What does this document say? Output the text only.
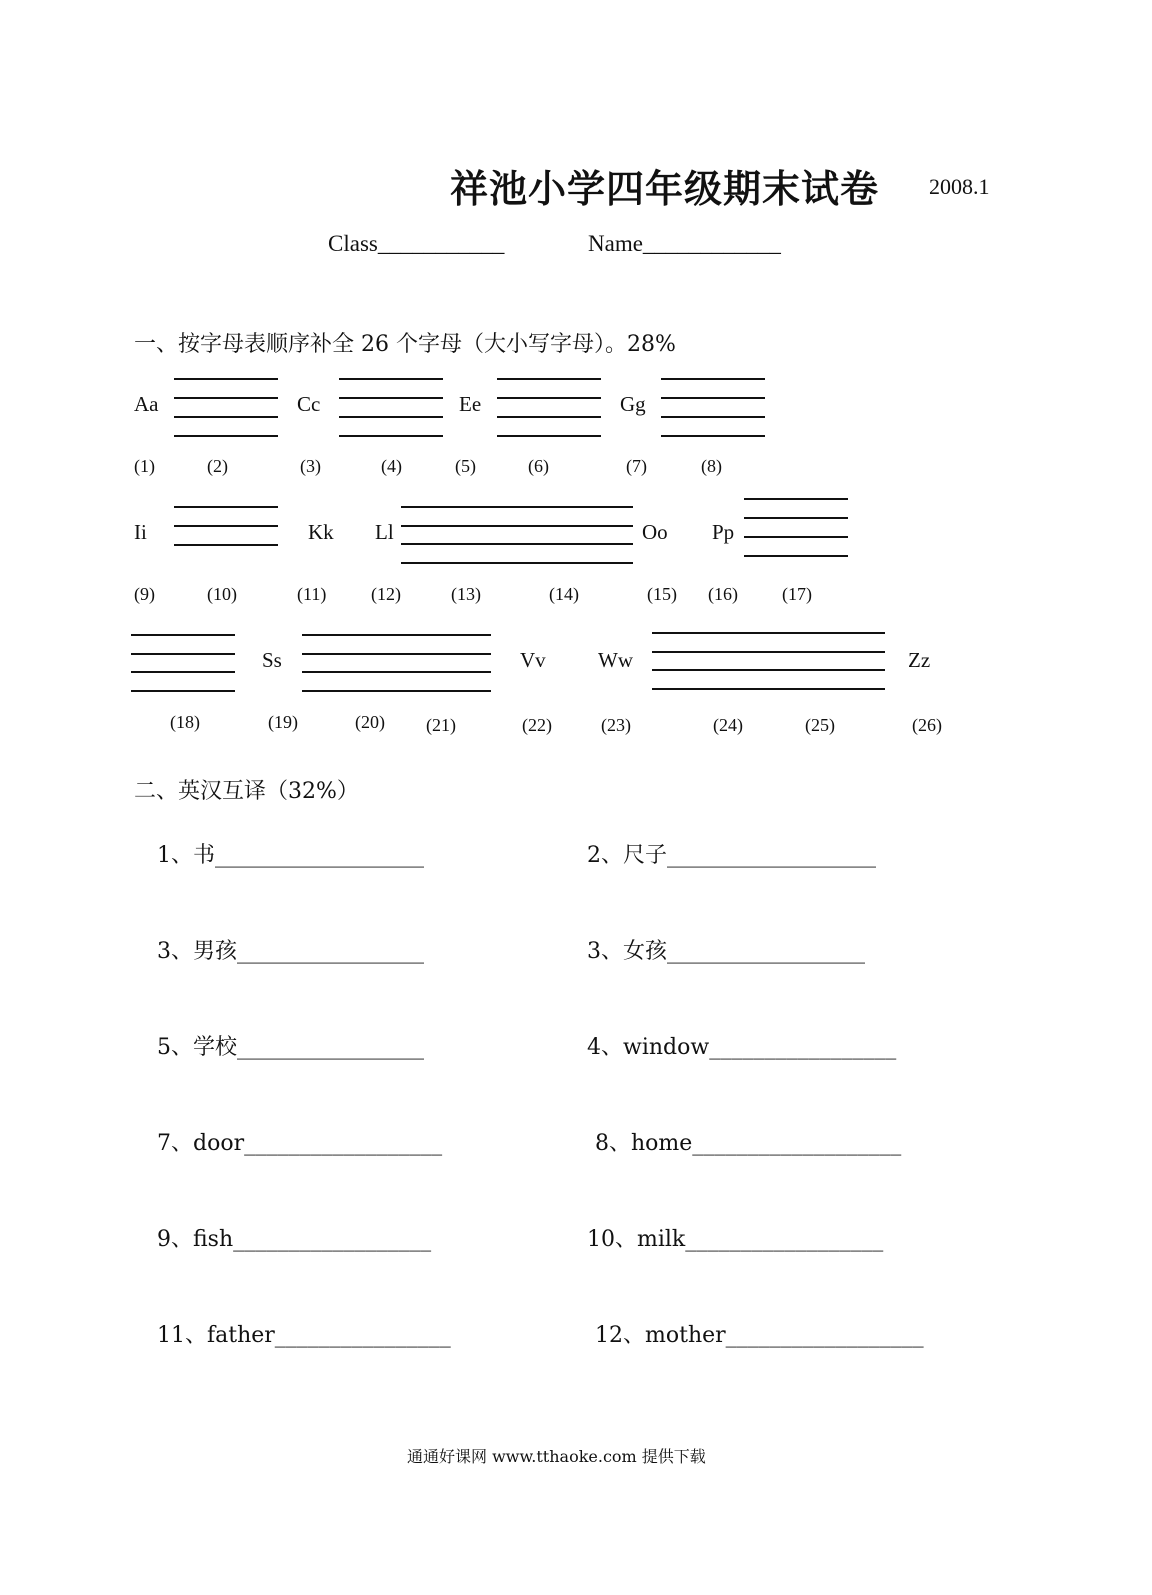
祥池小学四年级期末试卷 2008.1
Class___________	Name____________
一、按字母表顺序补全 26 个字母（大小写字母）。28%
Aa	Cc	Ee	Gg
(1)	(2)	(3)	(4)	(5)	(6)	(7)	(8)
Ii	Kk Ll	Oo Pp
(9)	(10)	(11) (12)	(13)	(14)	(15) (16) (17)
Ss	Vv Ww	Zz
(18)	(19)	(20) (21)	(22)	(23)	(24)	(25)	(26)
二、英汉互译（32%）
1、书___________________	2、尺子___________________
3、男孩_________________	3、女孩__________________
5、学校_________________	4、window_________________
7、door__________________	8、home___________________
9、fish__________________	10、milk__________________
11、father________________	12、mother__________________
通通好课网 www.tthaoke.com 提供下载
